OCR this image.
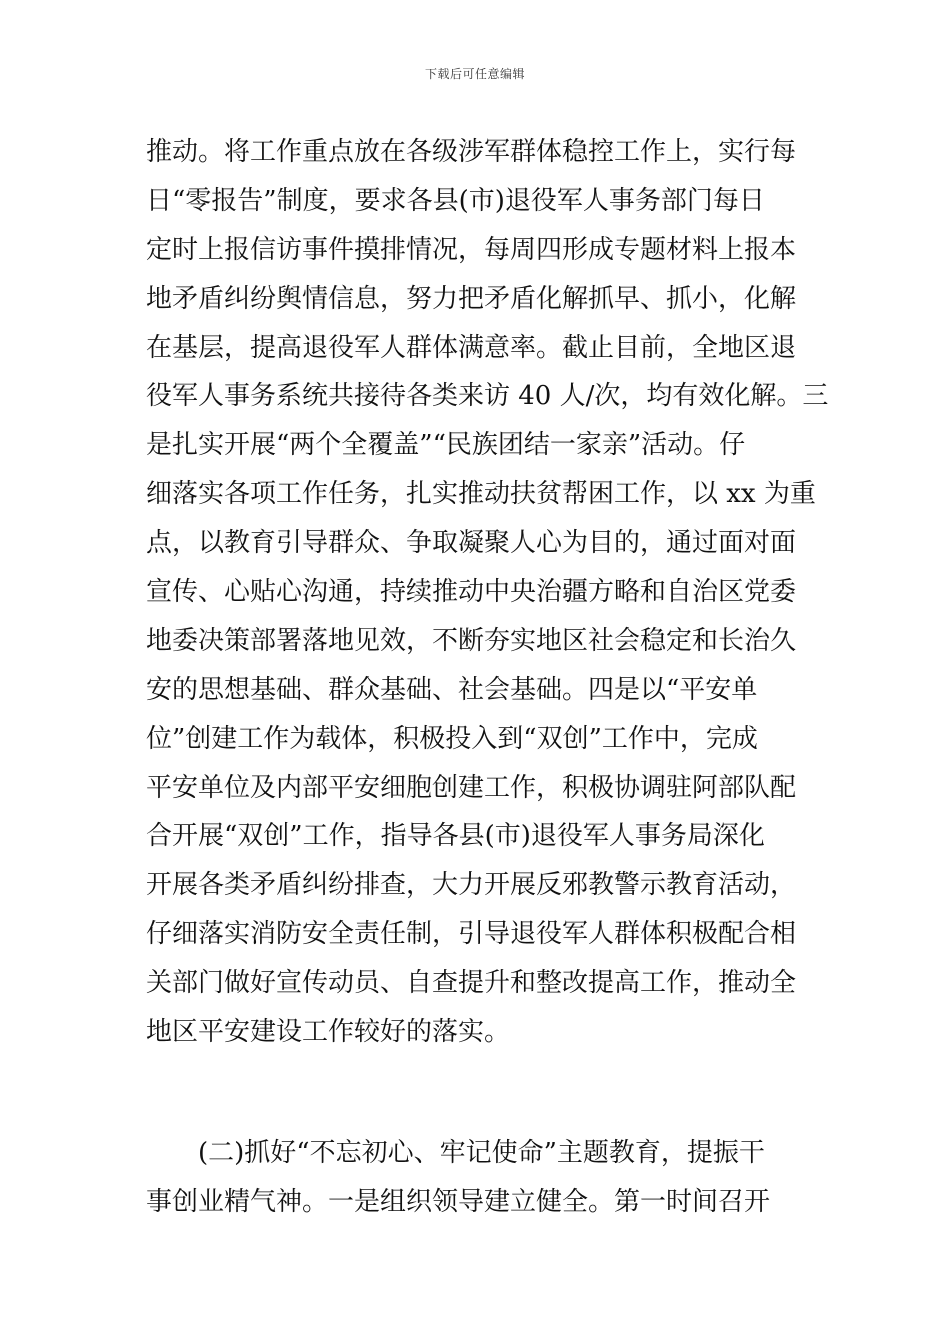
下载后可任意编辑
推动。将工作重点放在各级涉军群体稳控工作上，实行每
日“零报告”制度，要求各县(市)退役军人事务部门每日
定时上报信访事件摸排情况，每周四形成专题材料上报本
地矛盾纠纷舆情信息，努力把矛盾化解抓早、抓小，化解
在基层，提高退役军人群体满意率。截止目前，全地区退
役军人事务系统共接待各类来访 40 人/次，均有效化解。三
是扎实开展“两个全覆盖”“民族团结一家亲”活动。仔
细落实各项工作任务，扎实推动扶贫帮困工作，以 xx 为重
点，以教育引导群众、争取凝聚人心为目的，通过面对面
宣传、心贴心沟通，持续推动中央治疆方略和自治区党委
地委决策部署落地见效，不断夯实地区社会稳定和长治久
安的思想基础、群众基础、社会基础。四是以“平安单
位”创建工作为载体，积极投入到“双创”工作中，完成
平安单位及内部平安细胞创建工作，积极协调驻阿部队配
合开展“双创”工作，指导各县(市)退役军人事务局深化
开展各类矛盾纠纷排查，大力开展反邪教警示教育活动，
仔细落实消防安全责任制，引导退役军人群体积极配合相
关部门做好宣传动员、自查提升和整改提高工作，推动全
地区平安建设工作较好的落实。
(二)抓好“不忘初心、牢记使命”主题教育，提振干
事创业精气神。一是组织领导建立健全。第一时间召开
